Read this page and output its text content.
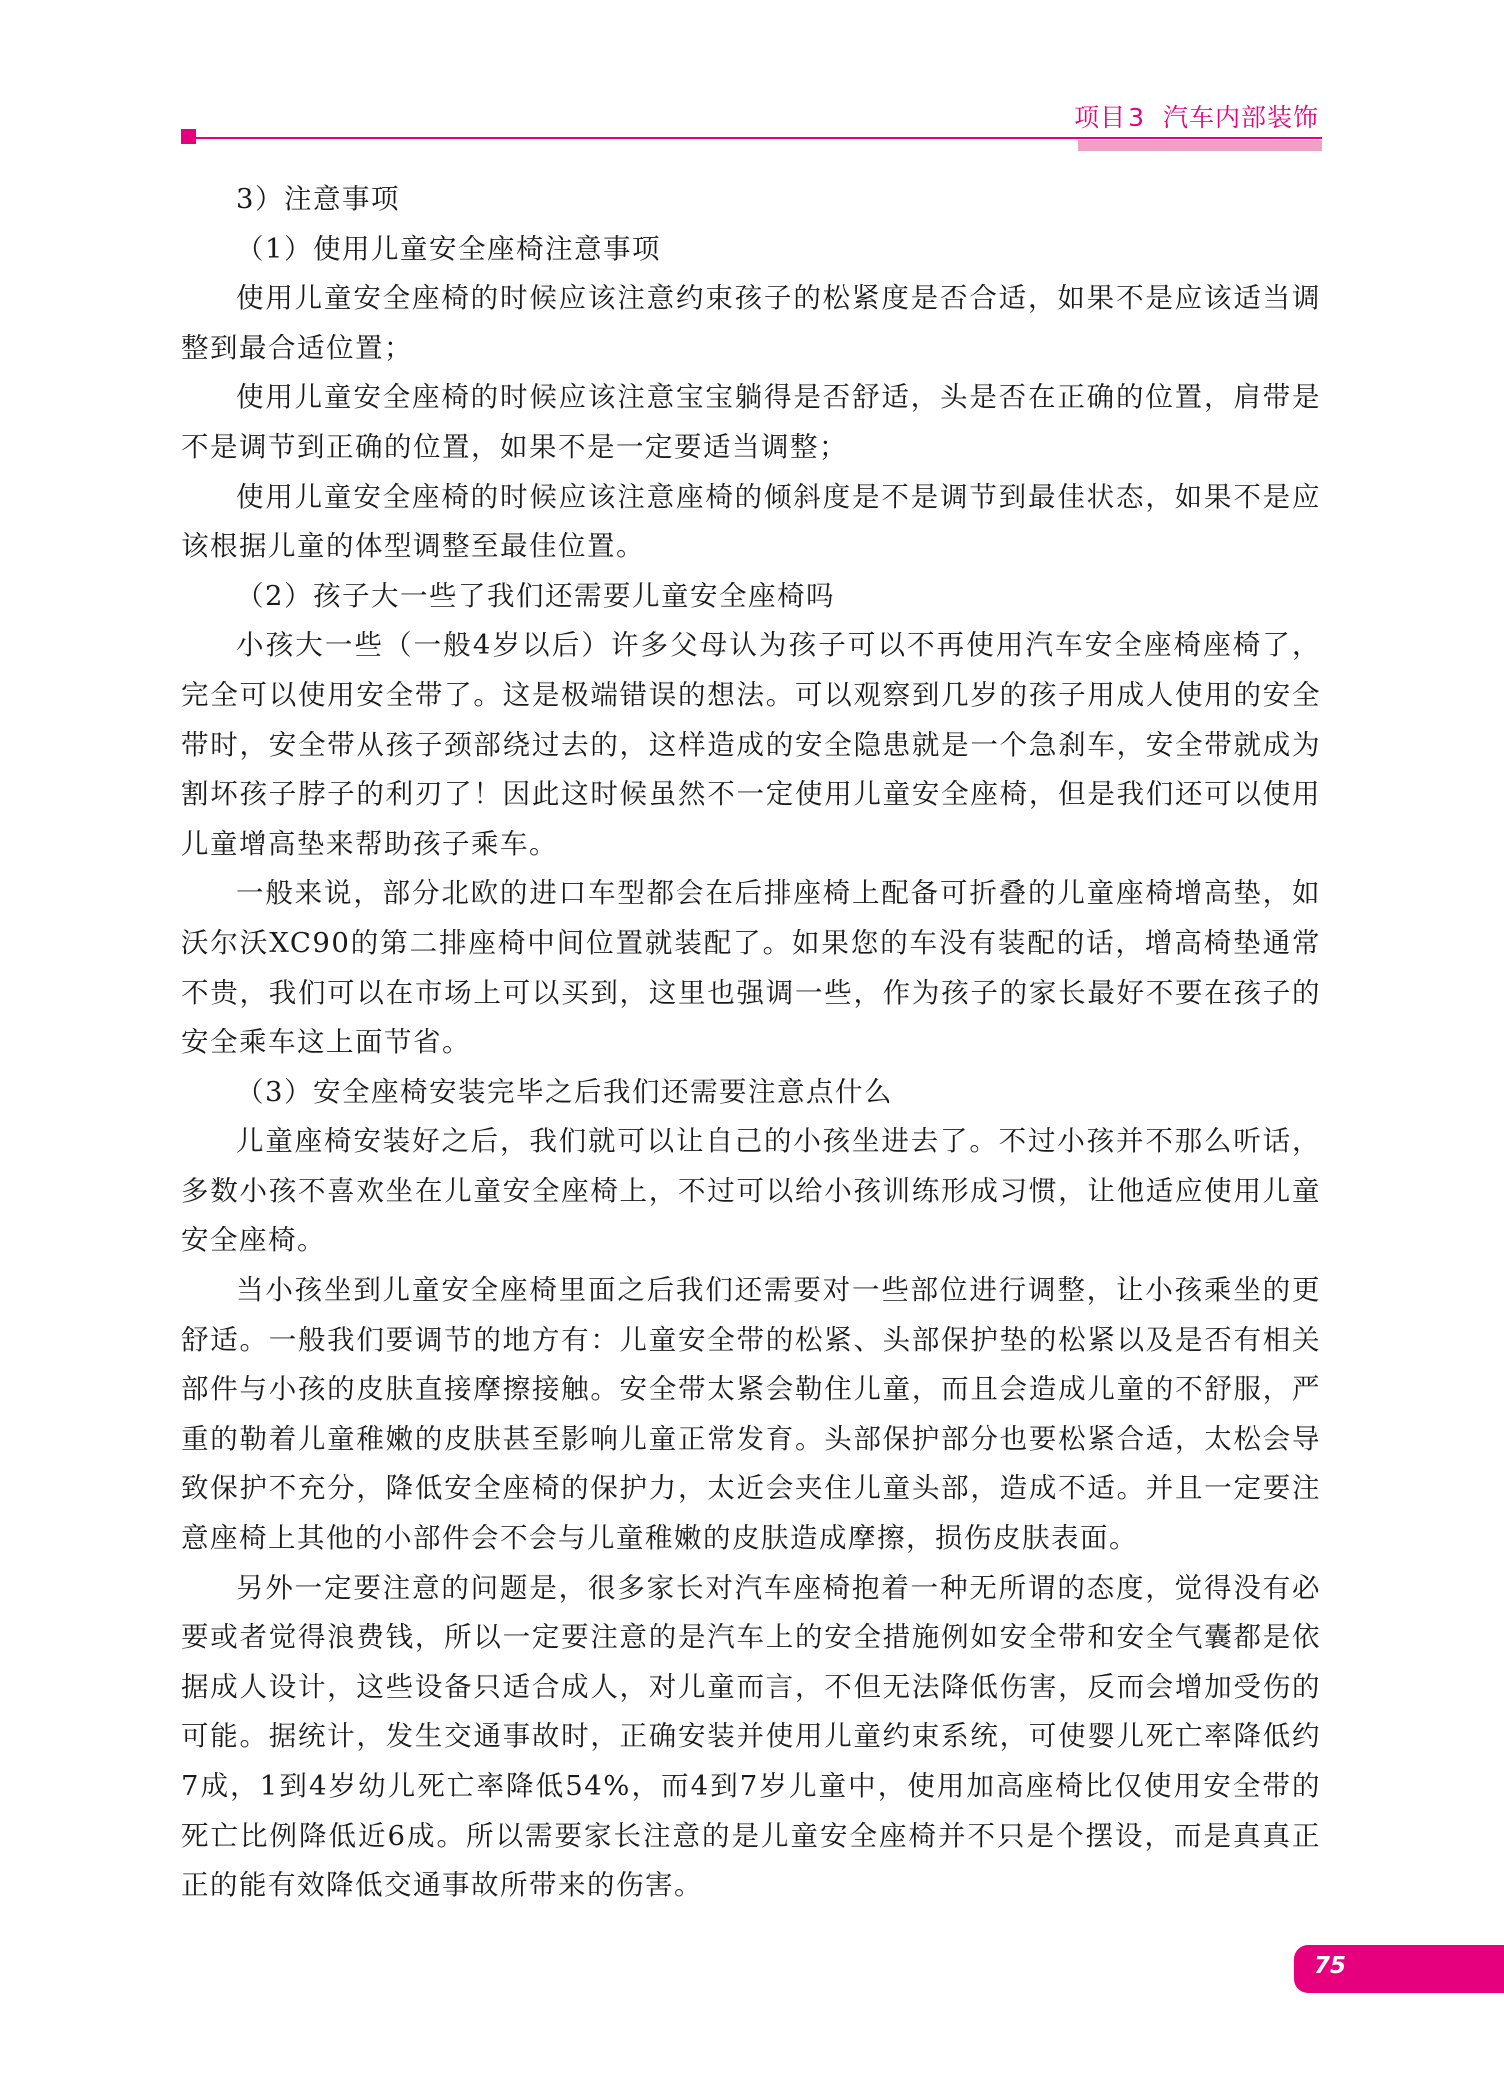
项目3 汽车内部装饰

3）注意事项

（1）使用儿童安全座椅注意事项

使用儿童安全座椅的时候应该注意约束孩子的松紧度是否合适，如果不是应该适当调整到最合适位置；

使用儿童安全座椅的时候应该注意宝宝躺得是否舒适，头是否在正确的位置，肩带是不是调节到正确的位置，如果不是一定要适当调整；

使用儿童安全座椅的时候应该注意座椅的倾斜度是不是调节到最佳状态，如果不是应该根据儿童的体型调整至最佳位置。

（2）孩子大一些了我们还需要儿童安全座椅吗

小孩大一些（一般4岁以后）许多父母认为孩子可以不再使用汽车安全座椅座椅了，完全可以使用安全带了。这是极端错误的想法。可以观察到几岁的孩子用成人使用的安全带时，安全带从孩子颈部绕过去的，这样造成的安全隐患就是一个急刹车，安全带就成为割坏孩子脖子的利刃了！因此这时候虽然不一定使用儿童安全座椅，但是我们还可以使用儿童增高垫来帮助孩子乘车。

一般来说，部分北欧的进口车型都会在后排座椅上配备可折叠的儿童座椅增高垫，如沃尔沃XC90的第二排座椅中间位置就装配了。如果您的车没有装配的话，增高椅垫通常不贵，我们可以在市场上可以买到，这里也强调一些，作为孩子的家长最好不要在孩子的安全乘车这上面节省。

（3）安全座椅安装完毕之后我们还需要注意点什么

儿童座椅安装好之后，我们就可以让自己的小孩坐进去了。不过小孩并不那么听话，多数小孩不喜欢坐在儿童安全座椅上，不过可以给小孩训练形成习惯，让他适应使用儿童安全座椅。

当小孩坐到儿童安全座椅里面之后我们还需要对一些部位进行调整，让小孩乘坐的更舒适。一般我们要调节的地方有：儿童安全带的松紧、头部保护垫的松紧以及是否有相关部件与小孩的皮肤直接摩擦接触。安全带太紧会勒住儿童，而且会造成儿童的不舒服，严重的勒着儿童稚嫩的皮肤甚至影响儿童正常发育。头部保护部分也要松紧合适，太松会导致保护不充分，降低安全座椅的保护力，太近会夹住儿童头部，造成不适。并且一定要注意座椅上其他的小部件会不会与儿童稚嫩的皮肤造成摩擦，损伤皮肤表面。

另外一定要注意的问题是，很多家长对汽车座椅抱着一种无所谓的态度，觉得没有必要或者觉得浪费钱，所以一定要注意的是汽车上的安全措施例如安全带和安全气囊都是依据成人设计，这些设备只适合成人，对儿童而言，不但无法降低伤害，反而会增加受伤的可能。据统计，发生交通事故时，正确安装并使用儿童约束系统，可使婴儿死亡率降低约7成，1到4岁幼儿死亡率降低54%，而4到7岁儿童中，使用加高座椅比仅使用安全带的死亡比例降低近6成。所以需要家长注意的是儿童安全座椅并不只是个摆设，而是真真正正的能有效降低交通事故所带来的伤害。

75
